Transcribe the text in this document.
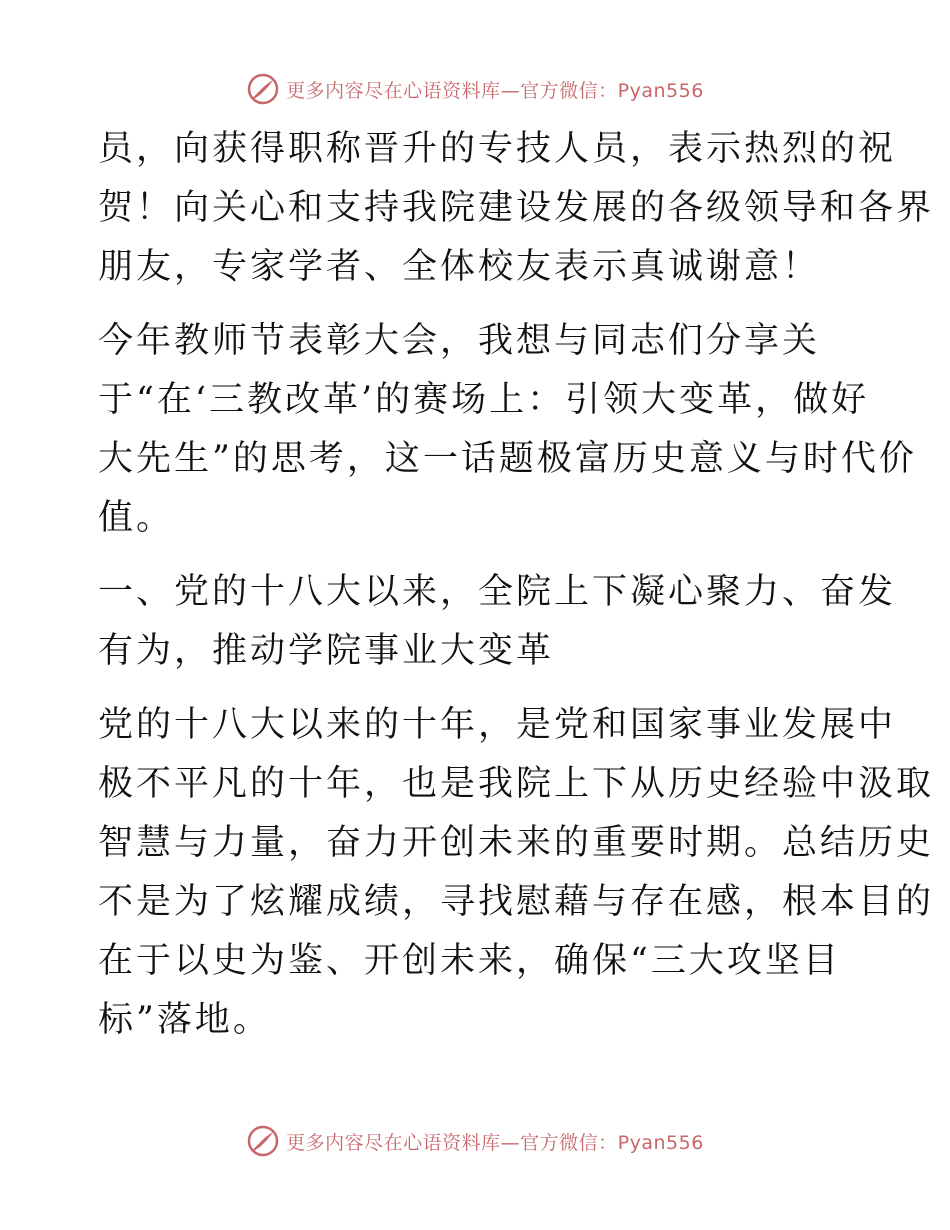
更多内容尽在心语资料库—官方微信：Pyan556

员，向获得职称晋升的专技人员，表示热烈的祝
贺！向关心和支持我院建设发展的各级领导和各界
朋友，专家学者、全体校友表示真诚谢意！

今年教师节表彰大会，我想与同志们分享关
于“在‘三教改革’的赛场上：引领大变革，做好
大先生”的思考，这一话题极富历史意义与时代价
值。

一、党的十八大以来，全院上下凝心聚力、奋发
有为，推动学院事业大变革

党的十八大以来的十年，是党和国家事业发展中
极不平凡的十年，也是我院上下从历史经验中汲取
智慧与力量，奋力开创未来的重要时期。总结历史
不是为了炫耀成绩，寻找慰藉与存在感，根本目的
在于以史为鉴、开创未来，确保“三大攻坚目
标”落地。

更多内容尽在心语资料库—官方微信：Pyan556
